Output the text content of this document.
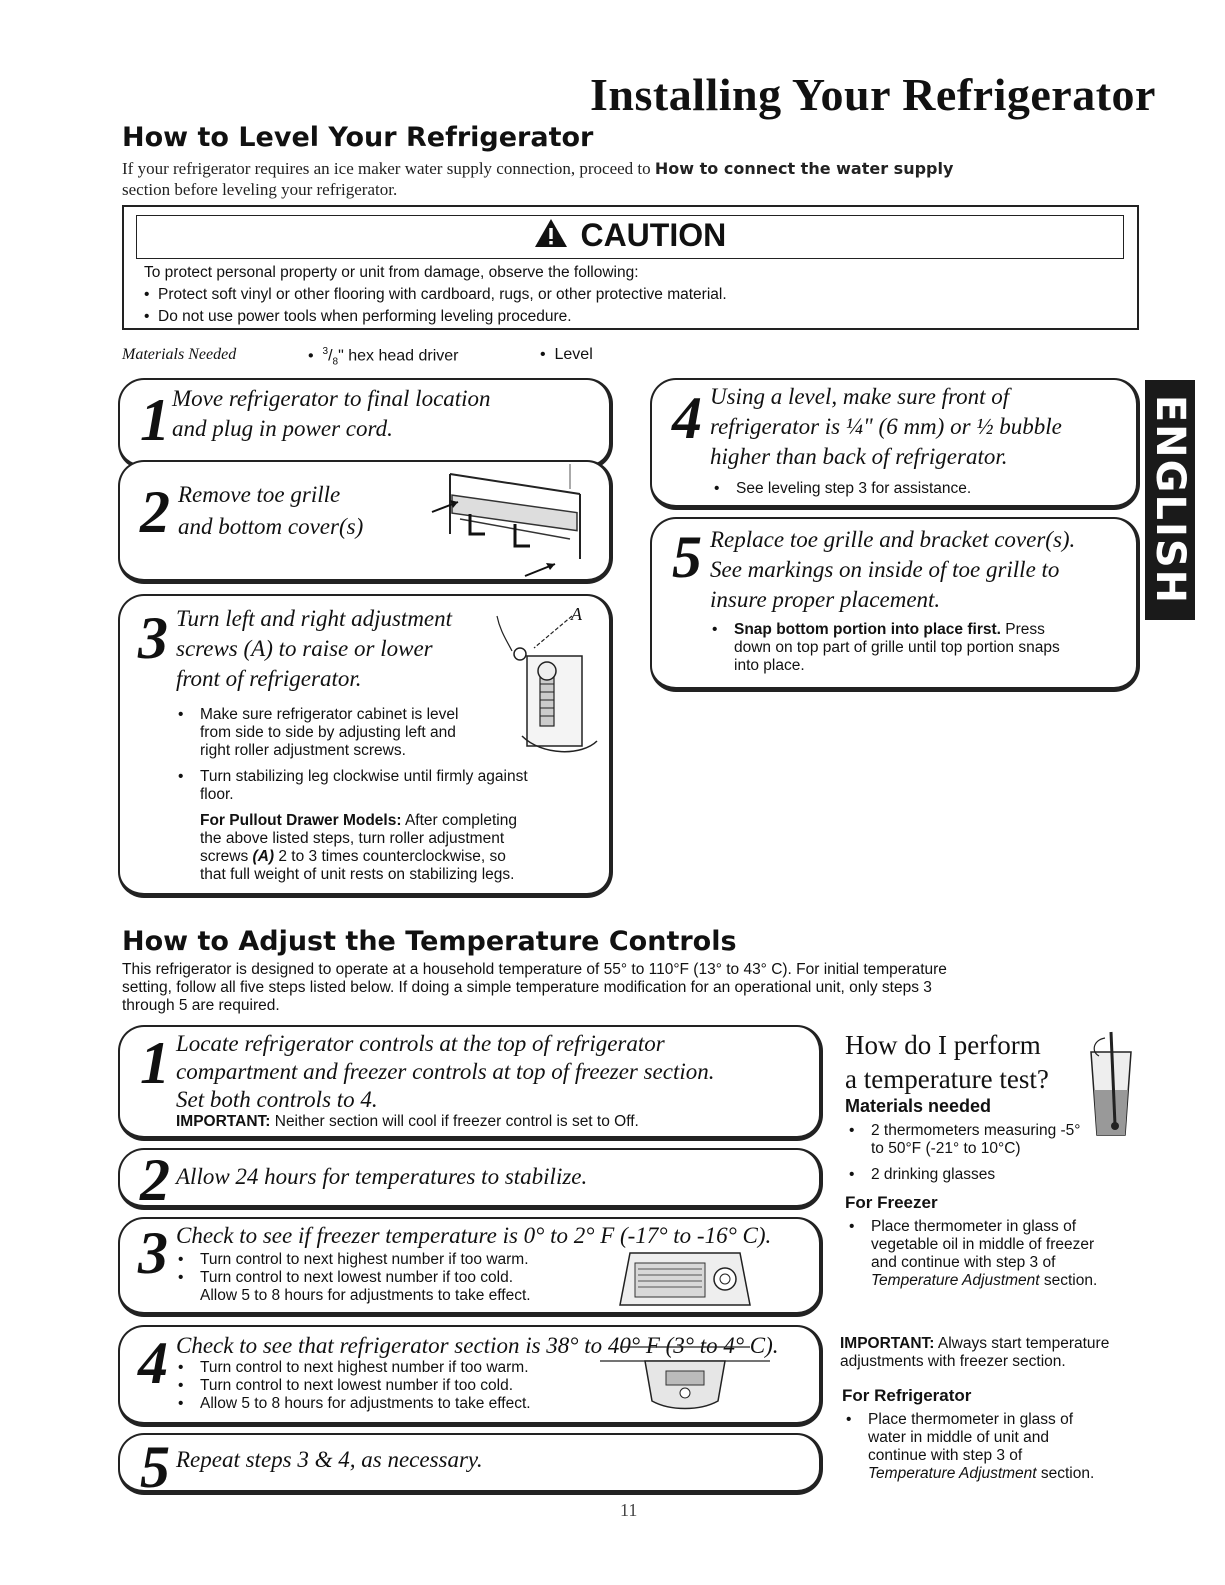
Installing Your Refrigerator
How to Level Your Refrigerator
If your refrigerator requires an ice maker water supply connection, proceed to How to connect the water supply
section before leveling your refrigerator.
CAUTION
To protect personal property or unit from damage, observe the following:
•  Protect soft vinyl or other flooring with cardboard, rugs, or other protective material.
•  Do not use power tools when performing leveling procedure.
Materials Needed	•  $^3/_8$" hex head driver	•  Level
1 Move refrigerator to final location
and plug in power cord.
2 Remove toe grille
and bottom cover(s)
3 Turn left and right adjustment
screws (A) to raise or lower
front of refrigerator.
A
• Make sure refrigerator cabinet is level
from side to side by adjusting left and
right roller adjustment screws.
• Turn stabilizing leg clockwise until firmly against
floor.
For Pullout Drawer Models: After completing
the above listed steps, turn roller adjustment
screws (A) 2 to 3 times counterclockwise, so
that full weight of unit rests on stabilizing legs.
4 Using a level, make sure front of
refrigerator is ¼" (6 mm) or ½ bubble
higher than back of refrigerator.
• See leveling step 3 for assistance.
5 Replace toe grille and bracket cover(s).
See markings on inside of toe grille to
insure proper placement.
• Snap bottom portion into place first. Press
down on top part of grille until top portion snaps
into place.
ENGLISH
How to Adjust the Temperature Controls
This refrigerator is designed to operate at a household temperature of 55° to 110°F (13° to 43° C). For initial temperature
setting, follow all five steps listed below. If doing a simple temperature modification for an operational unit, only steps 3
through 5 are required.
1 Locate refrigerator controls at the top of refrigerator
compartment and freezer controls at top of freezer section.
Set both controls to 4.
IMPORTANT: Neither section will cool if freezer control is set to Off.
2 Allow 24 hours for temperatures to stabilize.
3 Check to see if freezer temperature is 0° to 2° F (-17° to -16° C).
• Turn control to next highest number if too warm.

• Turn control to next lowest number if too cold.
Allow 5 to 8 hours for adjustments to take effect.
4 Check to see that refrigerator section is 38° to 40° F (3° to 4° C).
• Turn control to next highest number if too warm.

• Turn control to next lowest number if too cold.

• Allow 5 to 8 hours for adjustments to take effect.
5 Repeat steps 3 & 4, as necessary.
How do I perform
a temperature test?
Materials needed
• 2 thermometers measuring -5°
to 50°F (-21° to 10°C)
• 2 drinking glasses
For Freezer
• Place thermometer in glass of
vegetable oil in middle of freezer
and continue with step 3 of
Temperature Adjustment section.
IMPORTANT: Always start temperature
adjustments with freezer section.
For Refrigerator
• Place thermometer in glass of
water in middle of unit and
continue with step 3 of
Temperature Adjustment section.
11
